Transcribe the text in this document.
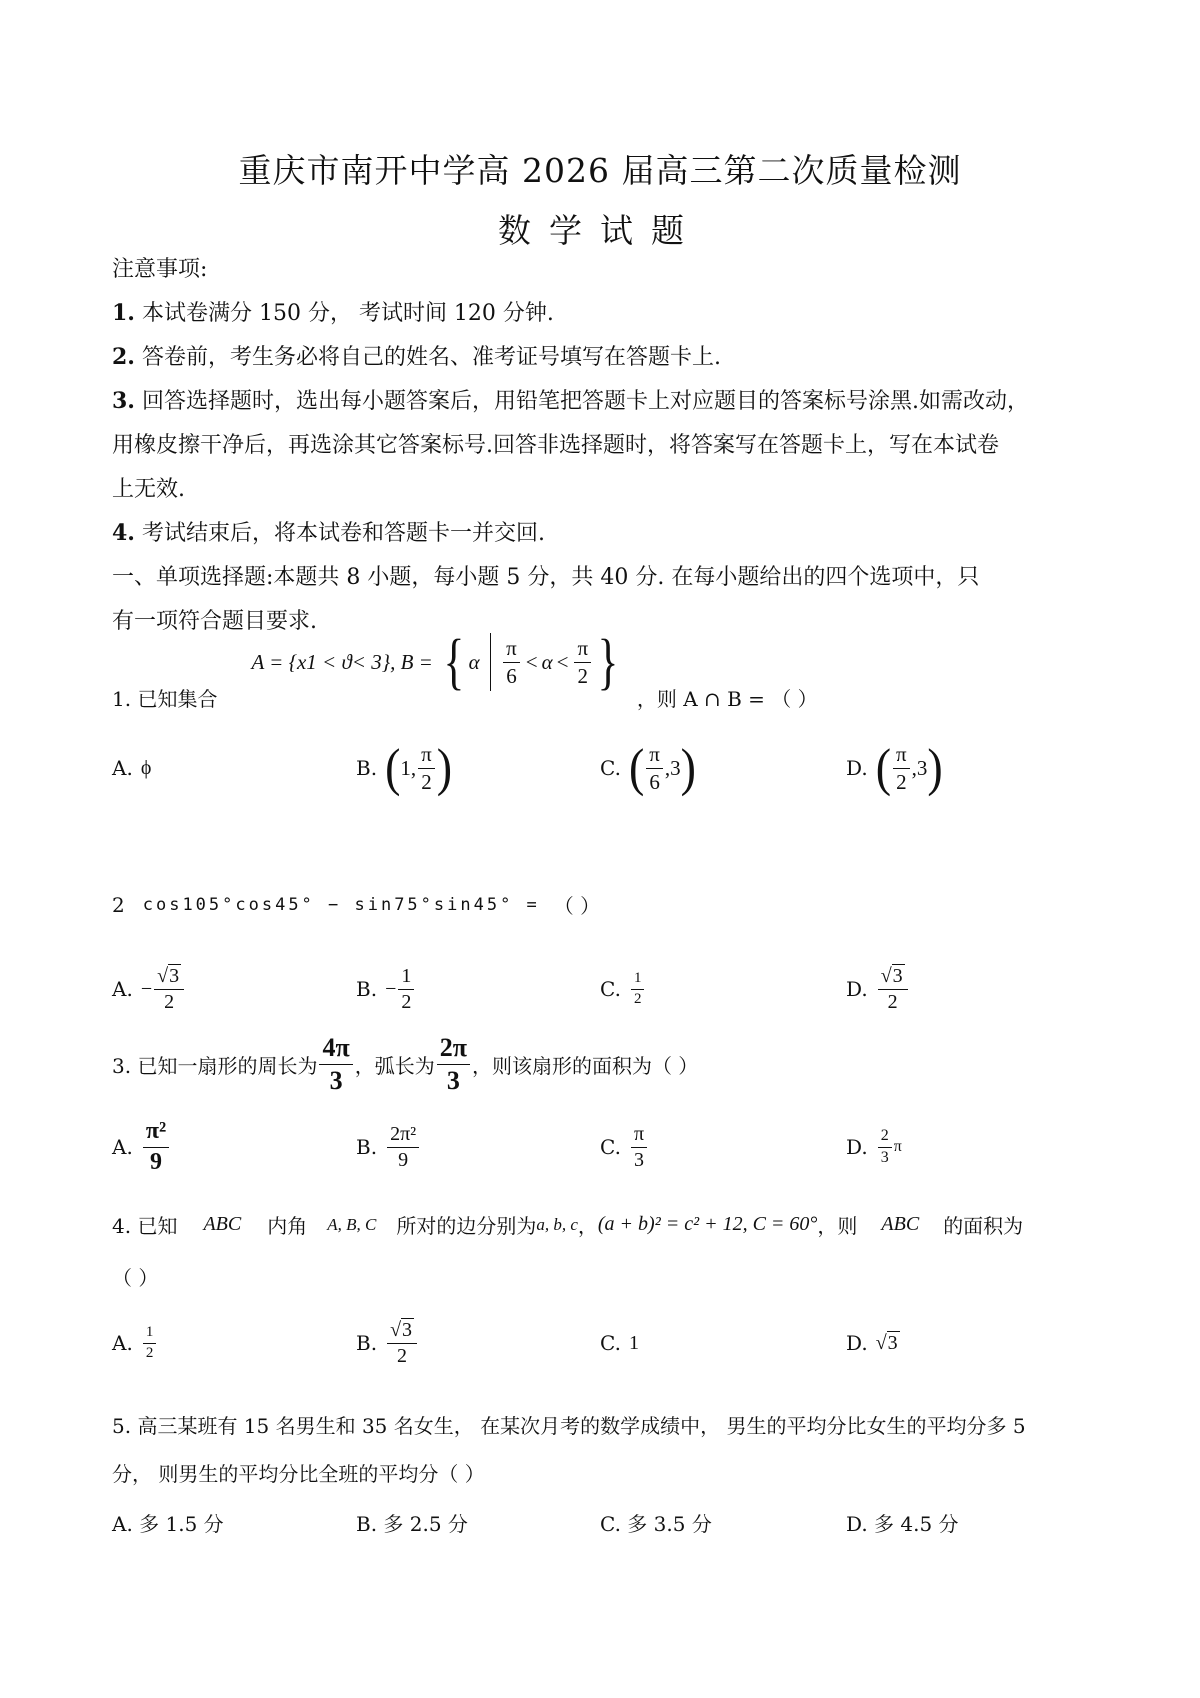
重庆市南开中学高 2026 届高三第二次质量检测
数学试题
注意事项:
1. 本试卷满分 150 分， 考试时间 120 分钟.
2. 答卷前，考生务必将自己的姓名、准考证号填写在答题卡上.
3. 回答选择题时，选出每小题答案后，用铅笔把答题卡上对应题目的答案标号涂黑.如需改动，
用橡皮擦干净后，再选涂其它答案标号.回答非选择题时，将答案写在答题卡上，写在本试卷
上无效.
4. 考试结束后，将本试卷和答题卡一并交回.
一、单项选择题:本题共 8 小题，每小题 5 分，共 40 分. 在每小题给出的四个选项中，只
有一项符合题目要求.
1. 已知集合
A = {x1 < ϑ< 3}, B = { α $\frac{\pi}{6} < \alpha < \frac{\pi}{2}$ }
，则 A ∩ B = （ ）
A. ϕ	B. ( 1, $\frac{\pi}{2}$ )	C. ( $\frac{\pi}{6} ,3$ )	D. ( $\frac{\pi}{2} ,3$ )
2 cos105°cos45° − sin75°sin45° = （ ）
A. − $\frac{√3}{2}$	B. − $\frac{1}{2}$	C. $\frac{1}{2}$	D. $\frac{√3}{2}$
3. 已知一扇形的周长为 $\frac{4\pi}{3}$ ，弧长为 $\frac{2\pi}{3}$ ，则该扇形的面积为（ ）
A. $\frac{\text{π²}}{9}$	B. $\frac{\text{2π²}}{9}$	C. $\frac{\pi}{3}$	D. $\frac{2}{3}$ π
4. 已知 ABC 内角 A, B, C 所对的边分别为 a, b, c ， (a + b)² = c² + 12, C = 60° ，则 ABC 的面积为
（ ）
A. $\frac{1}{2}$	B. $\frac{√3}{2}$	C. 1	D. √ 3
5. 高三某班有 15 名男生和 35 名女生， 在某次月考的数学成绩中， 男生的平均分比女生的平均分多 5
分， 则男生的平均分比全班的平均分（ ）
A. 多 1.5 分	B. 多 2.5 分	C. 多 3.5 分	D. 多 4.5 分
